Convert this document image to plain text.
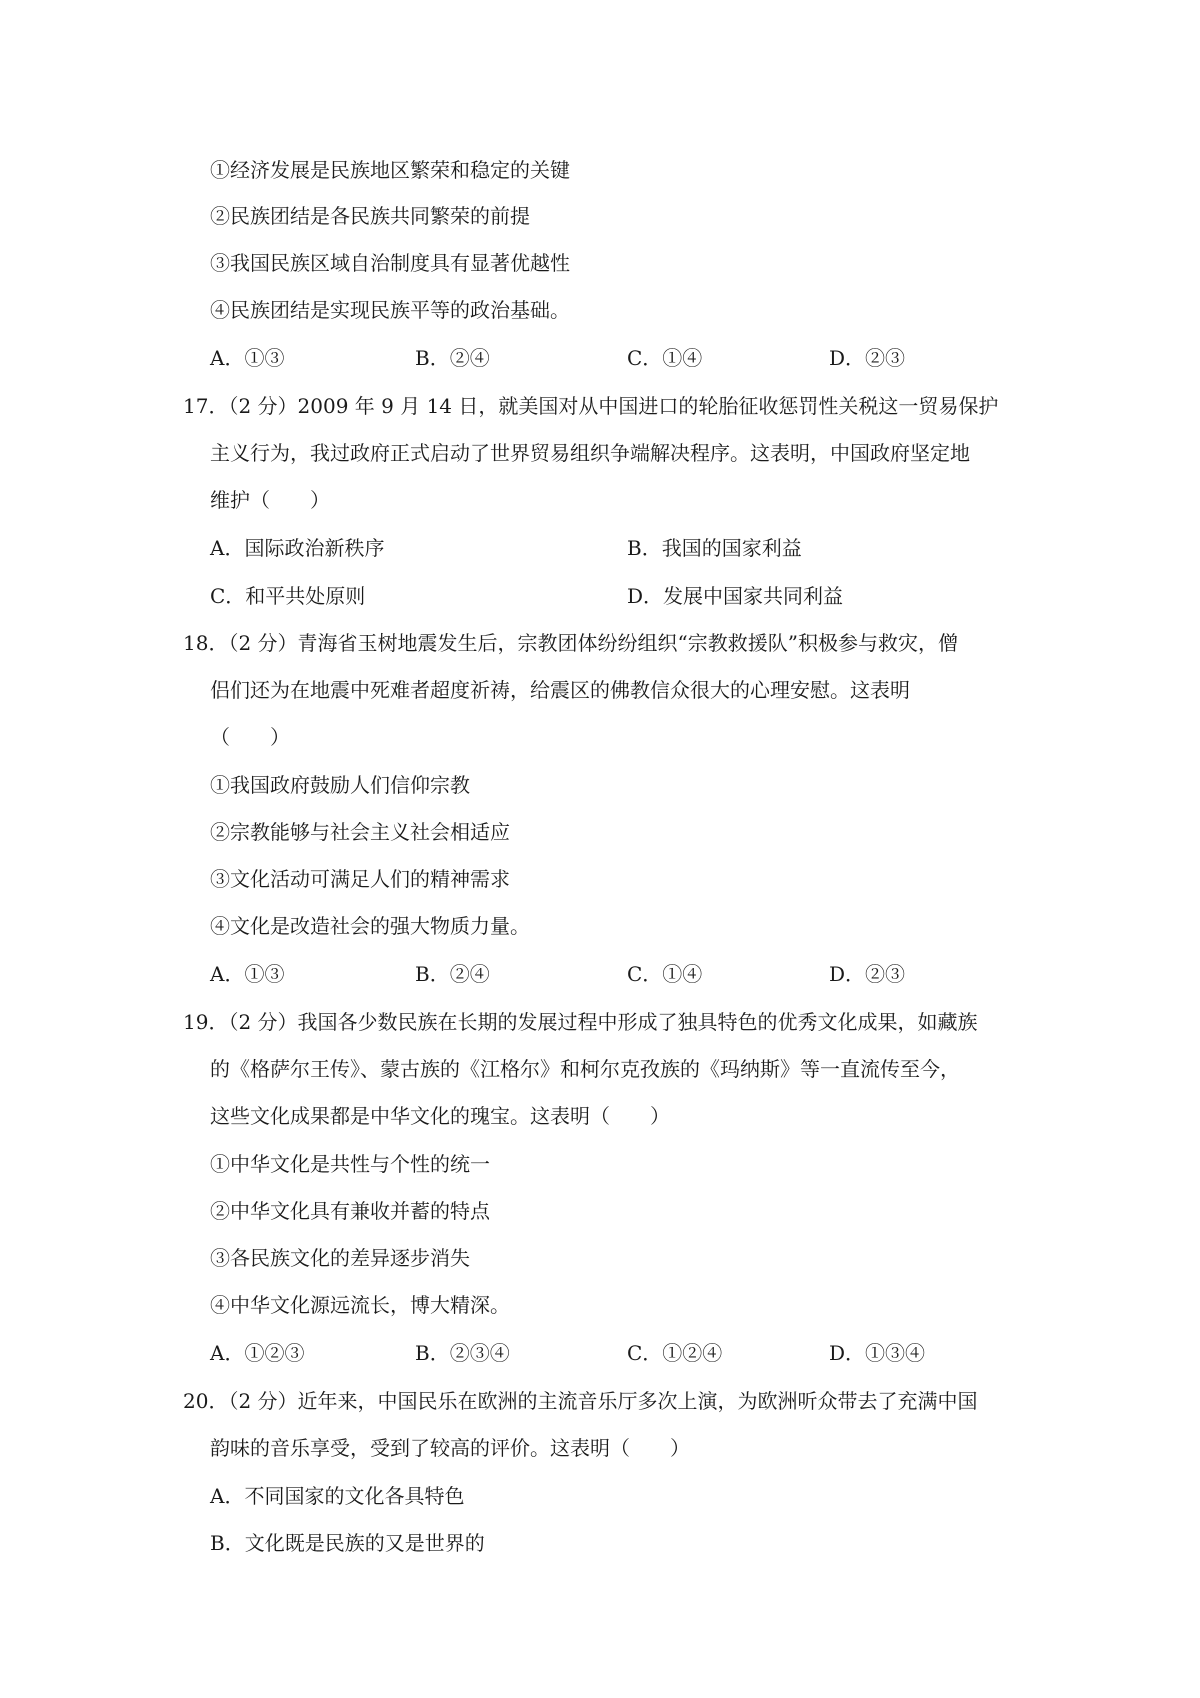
①经济发展是民族地区繁荣和稳定的关键
②民族团结是各民族共同繁荣的前提
③我国民族区域自治制度具有显著优越性
④民族团结是实现民族平等的政治基础。
A．①③	B．②④	C．①④	D．②③
17．（2 分）2009 年 9 月 14 日，就美国对从中国进口的轮胎征收惩罚性关税这一贸易保护
主义行为，我过政府正式启动了世界贸易组织争端解决程序。这表明，中国政府坚定地
维护（　　）
A．国际政治新秩序	B．我国的国家利益
C．和平共处原则	D．发展中国家共同利益
18．（2 分）青海省玉树地震发生后，宗教团体纷纷组织“宗教救援队”积极参与救灾，僧
侣们还为在地震中死难者超度祈祷，给震区的佛教信众很大的心理安慰。这表明
（　　）
①我国政府鼓励人们信仰宗教
②宗教能够与社会主义社会相适应
③文化活动可满足人们的精神需求
④文化是改造社会的强大物质力量。
A．①③	B．②④	C．①④	D．②③
19．（2 分）我国各少数民族在长期的发展过程中形成了独具特色的优秀文化成果，如藏族
的《格萨尔王传》、蒙古族的《江格尔》和柯尔克孜族的《玛纳斯》等一直流传至今，
这些文化成果都是中华文化的瑰宝。这表明（　　）
①中华文化是共性与个性的统一
②中华文化具有兼收并蓄的特点
③各民族文化的差异逐步消失
④中华文化源远流长，博大精深。
A．①②③	B．②③④	C．①②④	D．①③④
20．（2 分）近年来，中国民乐在欧洲的主流音乐厅多次上演，为欧洲听众带去了充满中国
韵味的音乐享受，受到了较高的评价。这表明（　　）
A．不同国家的文化各具特色
B．文化既是民族的又是世界的
